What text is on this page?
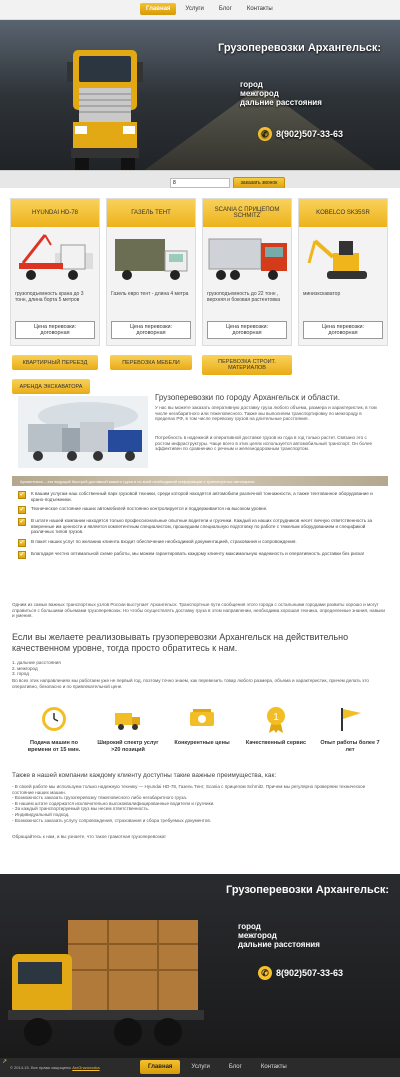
Главная	Услуги	Блог	Контакты
Грузоперевозки Архангельск:
город
межгород
дальние расстояния
✆ 8(902)507-33-63
8
заказать звонок
HYUNDAI HD-78
грузоподъемность крана до 3 тонн, длина борта 5 метров
Цена перевозки: договорная
ГАЗЕЛЬ ТЕНТ
Газель евро тент - длина 4 метра
Цена перевозки: договорная
SCANIA С ПРИЦЕПОМ SCHMITZ
грузоподъемность до 22 тонн , верхняя и боковая растентовка
Цена перевозки: договорная
KOBELCO SK35SR
миниэкскаватор
Цена перевозки: договорная
КВАРТИРНЫЙ ПЕРЕЕЗД	ПЕРЕВОЗКА МЕБЕЛИ	ПЕРЕВОЗКА СТРОИТ. МАТЕРИАЛОВ
АРЕНДА ЭКСКАВАТОРА
Грузоперевозки по городу Архангельск и области.

У нас вы можете заказать оперативную доставку груза любого объема, размера и характеристик, в том числе негабаритного или тяжеловесного. Также мы выполняем транспортировку по межгороду в пределах РФ, в том числе перевозку грузов на длительные расстояния.

Потребность в надежной и оперативной доставке грузов из года в год только растет. Связано это с ростом инфраструктуры. Чаще всего в этих целях используется автомобильный транспорт. Он более эффективен по сравнению с речным и железнодорожным транспортом.

Архангельск – это ведущий быстрой доставкой вашего груза и по всей необходимой информации о транспортных автопарках
✓	К вашим услугам наш собственный парк грузовой техники, среди которой находятся автомобили различной тоннажности, а также тентованное оборудование и крано-подъемники.
✓	Техническое состояние наших автомобилей постоянно контролируется и поддерживается на высоком уровне.
✓	В штате нашей компании находятся только профессиональные опытные водители и грузчики. Каждый из наших сотрудников несет личную ответственность за вверенные им ценности и является компетентным специалистом, прошедшим специальную подготовку по работе с тяжелым оборудованием и спецификой различных типов грузов.
✓	В пакет наших услуг по желанию клиента входит обеспечение необходимой документацией, страхования и сопровождения.
✓	Благодаря честно оптимальной схеме работы, мы можем гарантировать каждому клиенту максимальную надежность и оперативность доставки без риска!

Одним из самых важных транспортных узлов России выступает Архангельск. Транспортные пути сообщения этого города с остальными городами развиты хорошо и могут справиться с большими объемами грузоперевозок. Но чтобы осуществлять доставку груза в этом направлении, необходима хорошая техника, определенные знания, навыки и умения.

Если вы желаете реализовывать грузоперевозки Архангельск на действительно качественном уровне, тогда просто обратитесь к нам.
1. дальние расстояния
2. межгород
3. город

Во всех этих направлениях мы работаем уже не первый год, поэтому точно знаем, как перевезить товар любого размера, объема и характеристик, причем делать это оперативно, безопасно и по привлекательной цене.

Подача машин по времени от 15 мин.
Широкий спектр услуг >20 позиций
Конкурентные цены
1
Качественный сервис	Опыт работы более 7 лет
Также в нашей компании каждому клиенту доступны такие важные преимущества, как:
- В своей работе мы используем только надежную технику — Hyundai HD-78, Газель Тент, Scania с прицепом Schmitz. Причем мы регулярно проверяем техническое состояние наших машин.
- Возможность заказать грузоперевозку тяжеловесного либо негабаритного груза.
- В нашем штате содержатся исключительно высококвалифицированные водители и грузчики.
- За каждый транспортируемый груз мы несем ответственность.
- Индивидуальный подход.
- Возможность заказать услугу сопровождения, страхования и сбора требуемых документов.

Обращайтесь к нам, и вы узнаете, что такое грамотная грузоперевозка!

Грузоперевозки Архангельск:
город
межгород
дальние расстояния
✆ 8(902)507-33-63
↗
© 2014-15. Все права защищены ArxGruzovozka	Главная	Услуги	Блог	Контакты
